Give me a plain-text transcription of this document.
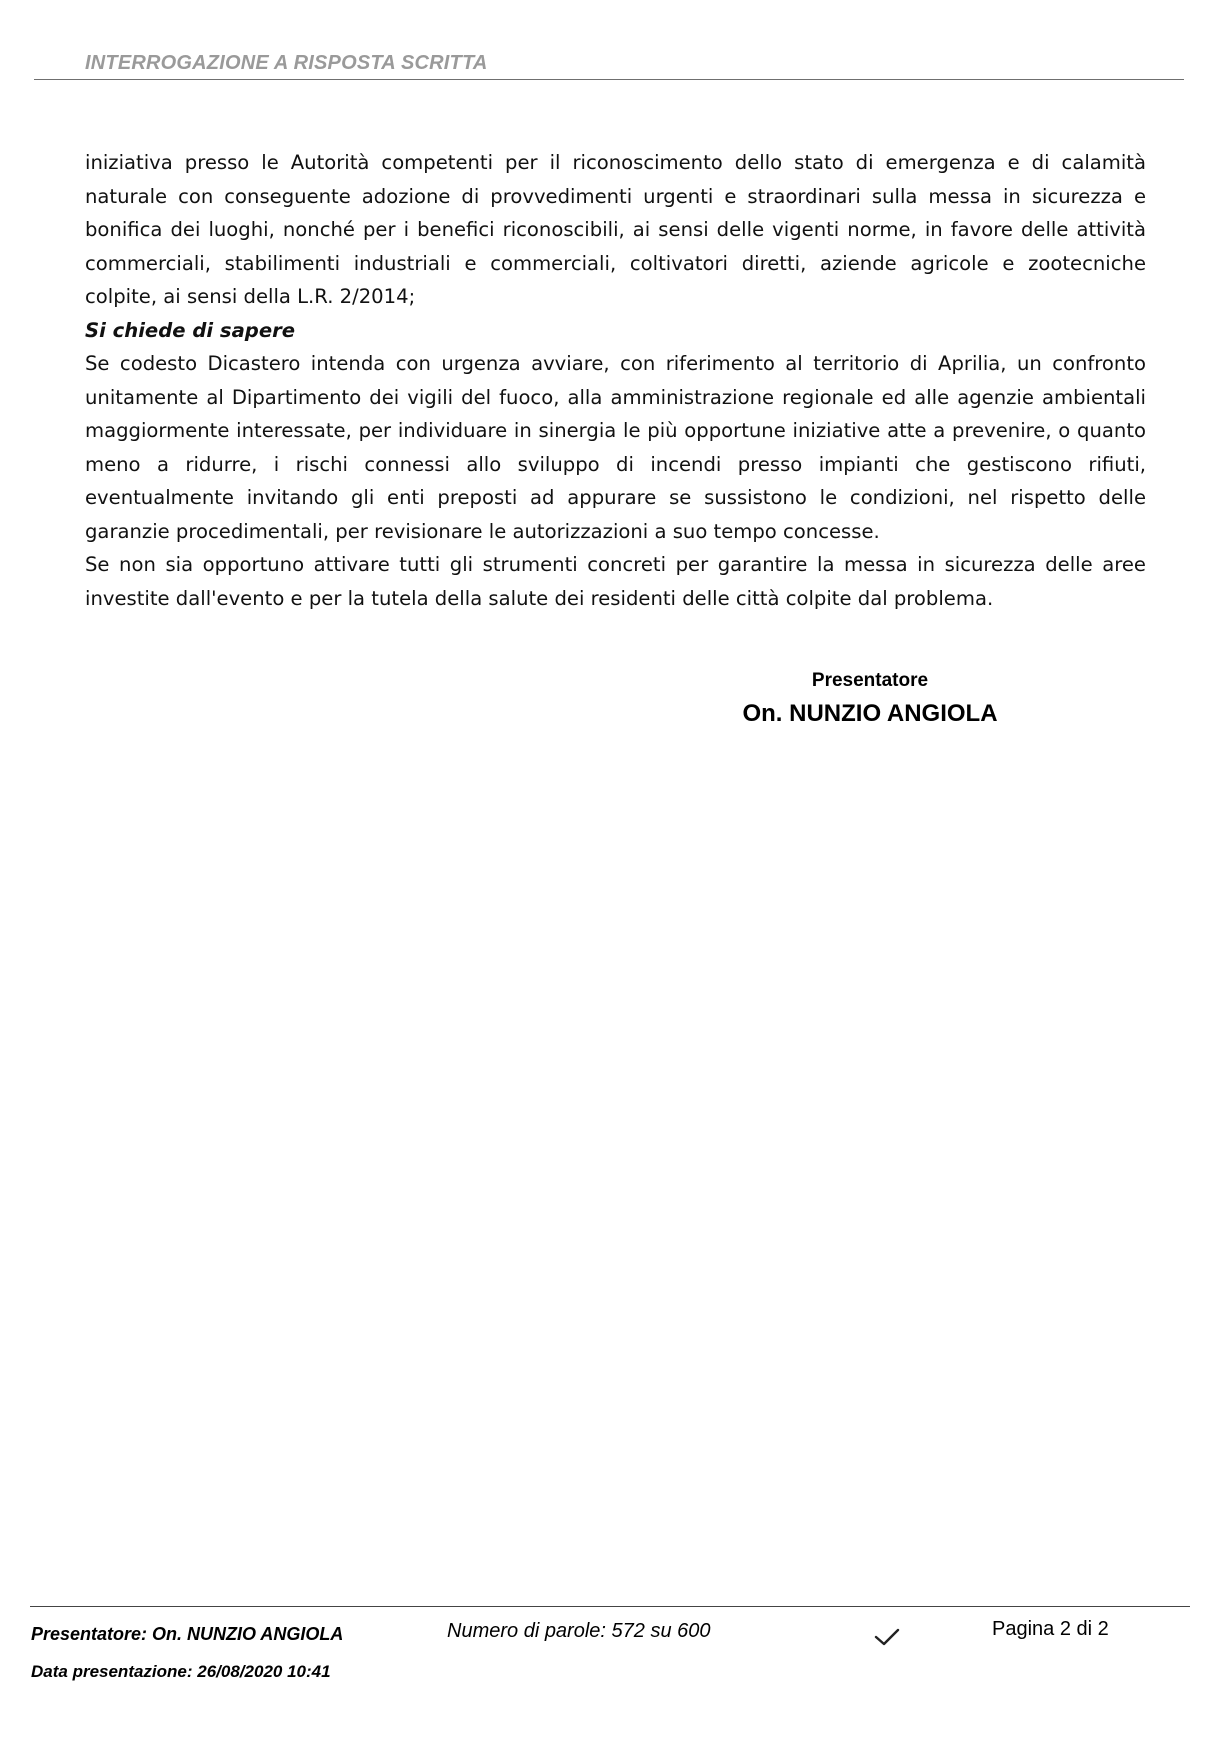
INTERROGAZIONE A RISPOSTA SCRITTA

iniziativa presso le Autorità competenti per il riconoscimento dello stato di emergenza e di calamità naturale con conseguente adozione di provvedimenti urgenti e straordinari sulla messa in sicurezza e bonifica dei luoghi, nonché per i benefici riconoscibili, ai sensi delle vigenti norme, in favore delle attività commerciali, stabilimenti industriali e commerciali, coltivatori diretti, aziende agricole e zootecniche colpite, ai sensi della L.R. 2/2014;

Si chiede di sapere

Se codesto Dicastero intenda con urgenza avviare, con riferimento al territorio di Aprilia, un confronto unitamente al Dipartimento dei vigili del fuoco, alla amministrazione regionale ed alle agenzie ambientali maggiormente interessate, per individuare in sinergia le più opportune iniziative atte a prevenire, o quanto meno a ridurre, i rischi connessi allo sviluppo di incendi presso impianti che gestiscono rifiuti, eventualmente invitando gli enti preposti ad appurare se sussistono le condizioni, nel rispetto delle garanzie procedimentali, per revisionare le autorizzazioni a suo tempo concesse.

Se non sia opportuno attivare tutti gli strumenti concreti per garantire la messa in sicurezza delle aree investite dall'evento e per la tutela della salute dei residenti delle città colpite dal problema.

Presentatore
On. NUNZIO ANGIOLA
Presentatore: On. NUNZIO ANGIOLA
Data presentazione: 26/08/2020 10:41
Numero di parole: 572 su 600	Pagina 2 di 2
